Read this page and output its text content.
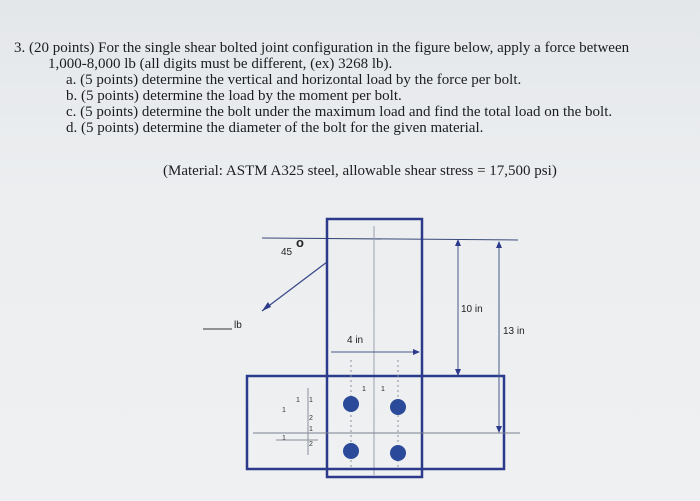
3. (20 points) For the single shear bolted joint configuration in the figure below, apply a force between
1,000-8,000 lb (all digits must be different, (ex) 3268 lb).
a. (5 points) determine the vertical and horizontal load by the force per bolt.
b. (5 points) determine the load by the moment per bolt.
c. (5 points) determine the bolt under the maximum load and find the total load on the bolt.
d. (5 points) determine the diameter of the bolt for the given material.
(Material: ASTM A325 steel, allowable shear stress = 17,500 psi)
45
o
lb
10 in
13 in
4 in
1 1
1
1 1
2
1
1
2
